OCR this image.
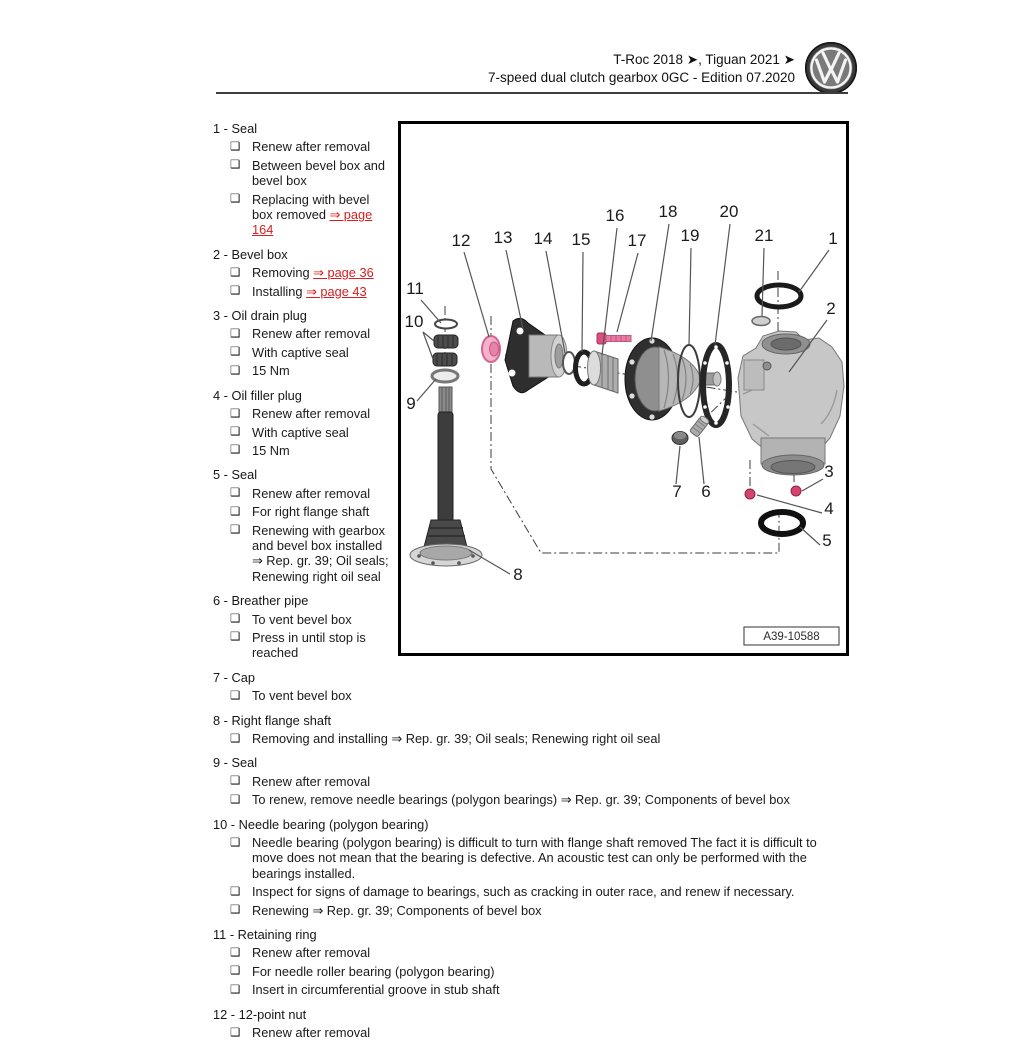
T-Roc 2018 ➤, Tiguan 2021 ➤
7-speed dual clutch gearbox 0GC - Edition 07.2020
11
10
9
12 13 14 15
16
17
18
19
20
21	1
2
3
4
5
6
7
8
A39-10588
1 - Seal
❑ Renew after removal
❑ Between bevel box and bevel box
❑ Replacing with bevel box removed ⇒ page 164
2 - Bevel box
❑ Removing ⇒ page 36
❑ Installing ⇒ page 43
3 - Oil drain plug
❑ Renew after removal
❑ With captive seal
❑ 15 Nm
4 - Oil filler plug
❑ Renew after removal
❑ With captive seal
❑ 15 Nm
5 - Seal
❑ Renew after removal
❑ For right flange shaft
❑ Renewing with gearbox and bevel box installed ⇒ Rep. gr. 39; Oil seals; Renewing right oil seal
6 - Breather pipe
❑ To vent bevel box
❑ Press in until stop is reached
7 - Cap
❑ To vent bevel box
8 - Right flange shaft
❑ Removing and installing ⇒ Rep. gr. 39; Oil seals; Renewing right oil seal
9 - Seal
❑ Renew after removal
❑ To renew, remove needle bearings (polygon bearings) ⇒ Rep. gr. 39; Components of bevel box
10 - Needle bearing (polygon bearing)
❑ Needle bearing (polygon bearing) is difficult to turn with flange shaft removed The fact it is difficult to move does not mean that the bearing is defective. An acoustic test can only be performed with the bearings installed.
❑ Inspect for signs of damage to bearings, such as cracking in outer race, and renew if necessary.
❑ Renewing ⇒ Rep. gr. 39; Components of bevel box
11 - Retaining ring
❑ Renew after removal
❑ For needle roller bearing (polygon bearing)
❑ Insert in circumferential groove in stub shaft
12 - 12-point nut
❑ Renew after removal
